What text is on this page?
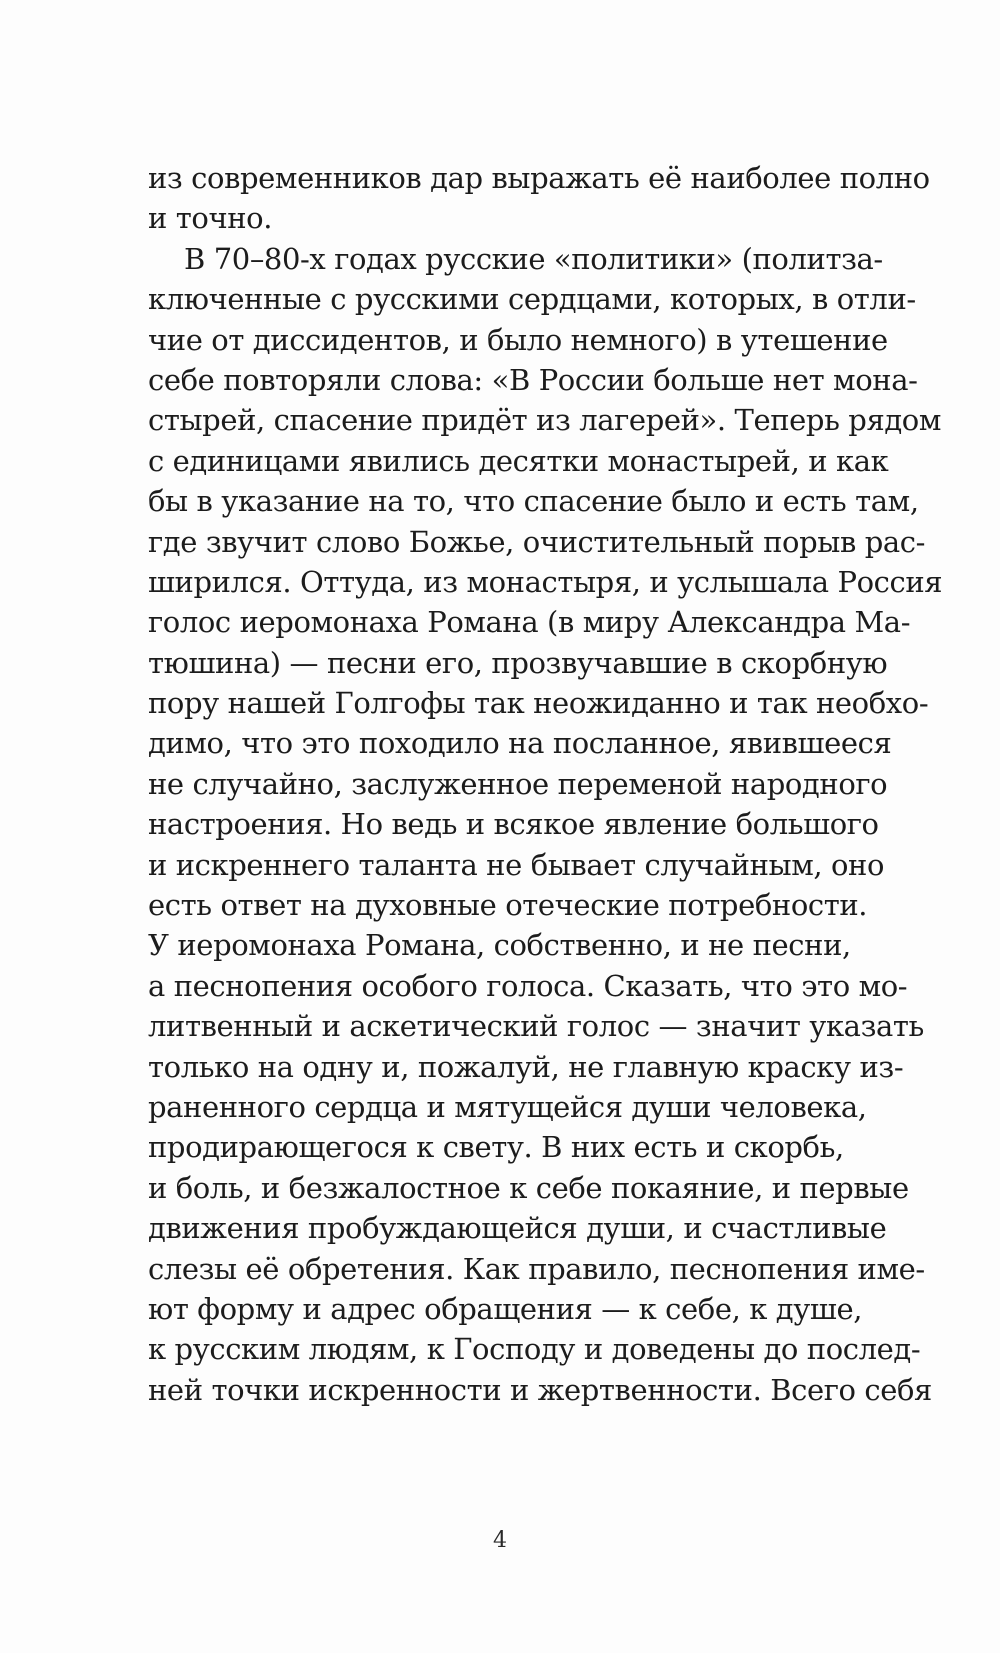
из современников дар выражать её наиболее полно
и точно.
В 70–80-х годах русские «политики» (политза-
ключенные с русскими сердцами, которых, в отли-
чие от диссидентов, и было немного) в утешение
себе повторяли слова: «В России больше нет мона-
стырей, спасение придёт из лагерей». Теперь рядом
с единицами явились десятки монастырей, и как
бы в указание на то, что спасение было и есть там,
где звучит слово Божье, очистительный порыв рас-
ширился. Оттуда, из монастыря, и услышала Россия
голос иеромонаха Романа (в миру Александра Ма-
тюшина) — песни его, прозвучавшие в скорбную
пору нашей Голгофы так неожиданно и так необхо-
димо, что это походило на посланное, явившееся
не случайно, заслуженное переменой народного
настроения. Но ведь и всякое явление большого
и искреннего таланта не бывает случайным, оно
есть ответ на духовные отеческие потребности.
У иеромонаха Романа, собственно, и не песни,
а песнопения особого голоса. Сказать, что это мо-
литвенный и аскетический голос — значит указать
только на одну и, пожалуй, не главную краску из-
раненного сердца и мятущейся души человека,
продирающегося к свету. В них есть и скорбь,
и боль, и безжалостное к себе покаяние, и первые
движения пробуждающейся души, и счастливые
слезы её обретения. Как правило, песнопения име-
ют форму и адрес обращения — к себе, к душе,
к русским людям, к Господу и доведены до послед-
ней точки искренности и жертвенности. Всего себя
4
